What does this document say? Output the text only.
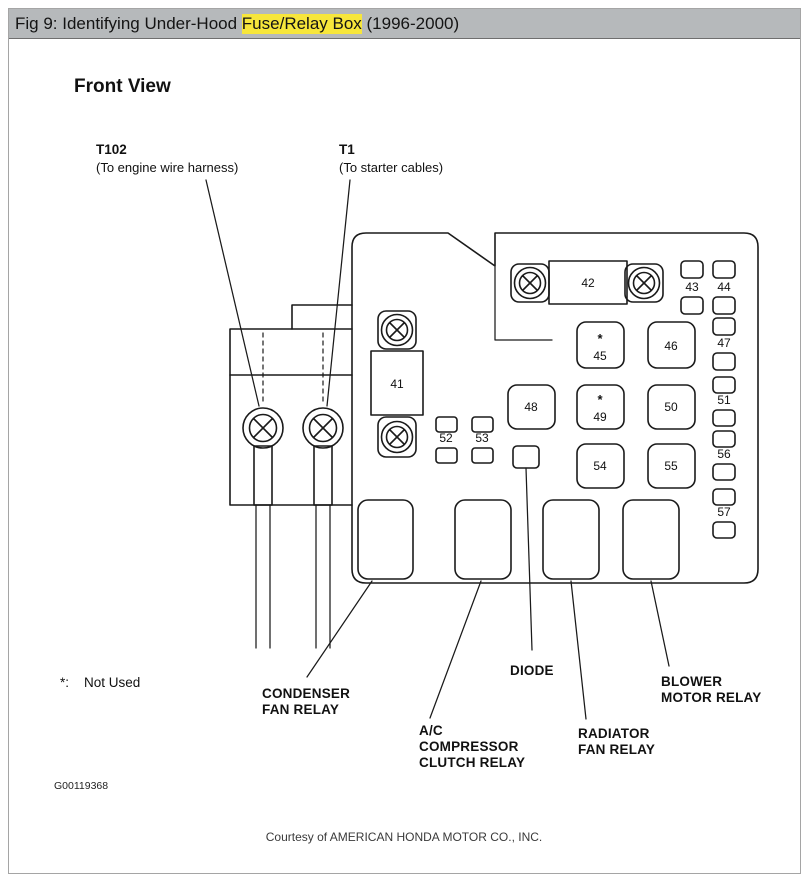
Fig 9: Identifying Under-Hood Fuse/Relay Box (1996-2000)
Front View
T102
(To engine wire harness)
T1
(To starter cables)
41
42	43 44
*
45
46	47
48	*
49
50	51
52 53
54	55
56
57
CONDENSER
FAN RELAY
A/C
COMPRESSOR
CLUTCH RELAY
DIODE
RADIATOR
FAN RELAY
BLOWER
MOTOR RELAY
*: Not Used
G00119368
Courtesy of AMERICAN HONDA MOTOR CO., INC.
